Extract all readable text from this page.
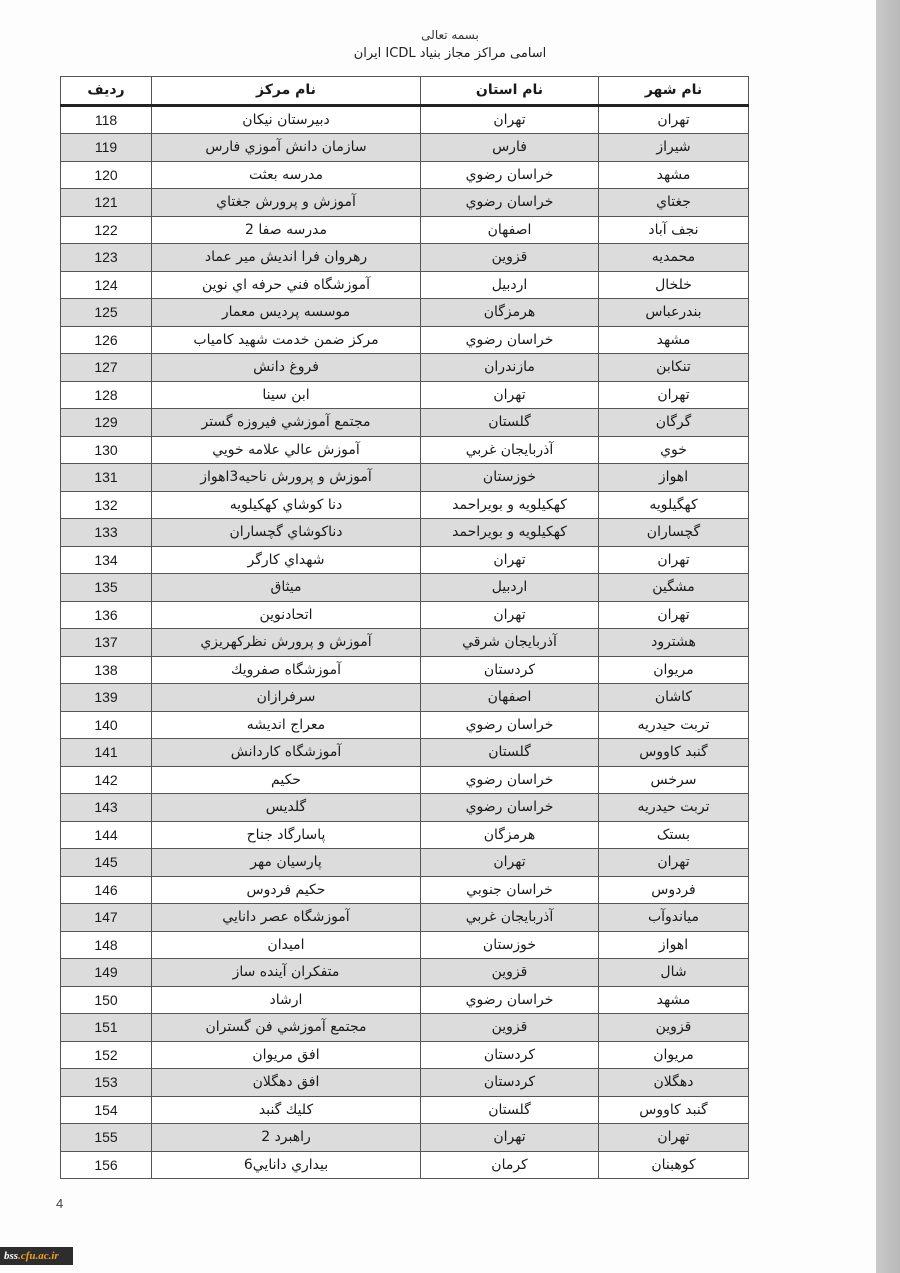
بسمه تعالی
اسامی مراکز مجاز بنیاد ICDL ایران
نام شهر	نام استان	نام مرکز	ردیف
تهران	تهران	دبيرستان نيكان	118
شيراز	فارس	سازمان دانش آموزي فارس	119
مشهد	خراسان رضوي	مدرسه بعثت	120
جغتاي	خراسان رضوي	آموزش و پرورش جغتاي	121
نجف آباد	اصفهان	مدرسه صفا 2	122
محمديه	قزوين	رهروان فرا انديش مير عماد	123
خلخال	اردبيل	آموزشگاه فني حرفه اي نوين	124
بندرعباس	هرمزگان	موسسه پرديس معمار	125
مشهد	خراسان رضوي	مركز ضمن خدمت شهيد كامياب	126
تنكابن	مازندران	فروغ دانش	127
تهران	تهران	ابن سينا	128
گرگان	گلستان	مجتمع آموزشي فيروزه گستر	129
خوي	آذربايجان غربي	آموزش عالي علامه خويي	130
اهواز	خوزستان	آموزش و پرورش ناحيه3اهواز	131
كهگيلويه	كهكيلويه و بويراحمد	دنا كوشاي كهكيلويه	132
گچساران	كهكيلويه و بويراحمد	دناكوشاي گچساران	133
تهران	تهران	شهداي كارگر	134
مشگين	اردبيل	ميثاق	135
تهران	تهران	اتحادنوين	136
هشترود	آذربايجان شرقي	آموزش و پرورش نظركهريزي	137
مريوان	كردستان	آموزشگاه صفرويك	138
كاشان	اصفهان	سرفرازان	139
تربت حيدريه	خراسان رضوي	معراج انديشه	140
گنبد كاووس	گلستان	آموزشگاه كاردانش	141
سرخس	خراسان رضوي	حكيم	142
تربت حيدريه	خراسان رضوي	گلديس	143
بستک	هرمزگان	پاسارگاد جناح	144
تهران	تهران	پارسيان مهر	145
فردوس	خراسان جنوبي	حكيم فردوس	146
مياندوآب	آذربايجان غربي	آموزشگاه عصر دانايي	147
اهواز	خوزستان	اميدان	148
شال	قزوين	متفكران آينده ساز	149
مشهد	خراسان رضوي	ارشاد	150
قزوين	قزوين	مجتمع آموزشي فن گستران	151
مريوان	كردستان	افق مريوان	152
دهگلان	كردستان	افق دهگلان	153
گنبد كاووس	گلستان	كليك گنبد	154
تهران	تهران	راهبرد 2	155
كوهبنان	كرمان	بيداري دانايي6	156
4
bss.cfu.ac.ir
